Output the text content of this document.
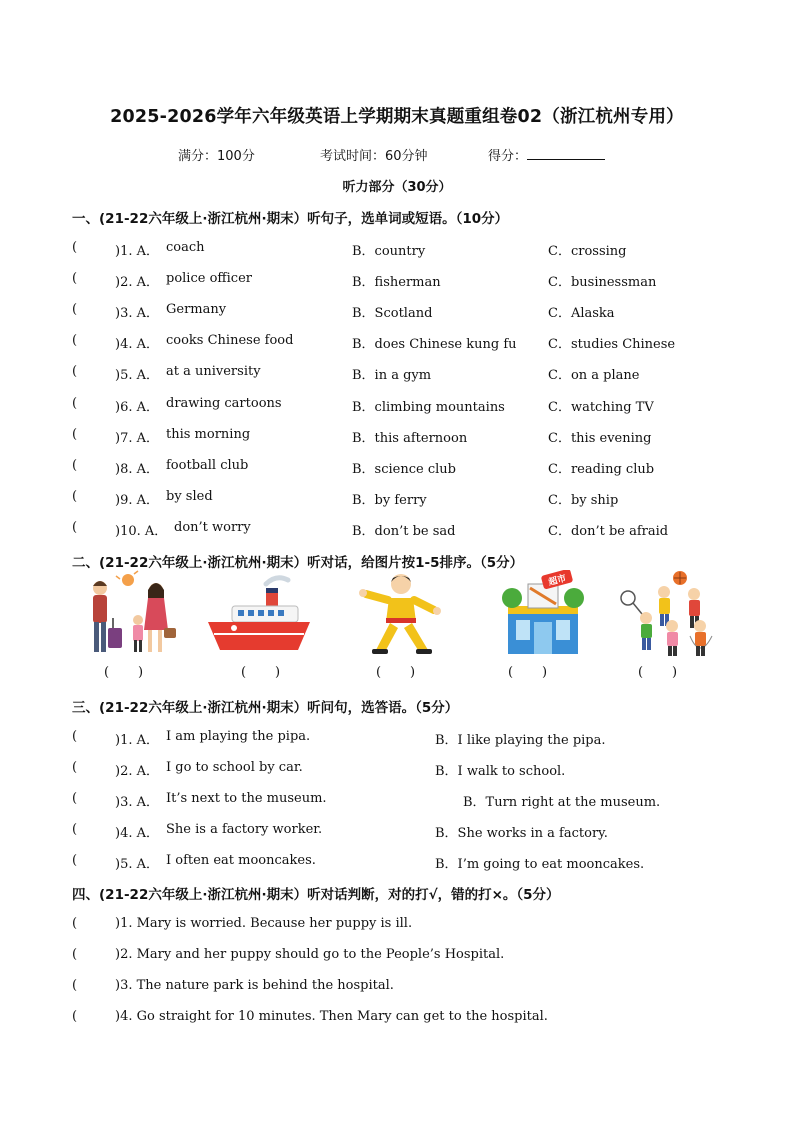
2025-2026学年六年级英语上学期期末真题重组卷02（浙江杭州专用）
满分：100分	考试时间：60分钟	得分：
听力部分（30分）
一、(21-22六年级上·浙江杭州·期末）听句子，选单词或短语。（10分）
(	)1. A． coach	B．country	C．crossing
(	)2. A． police officer	B．fisherman	C．businessman
(	)3. A． Germany	B．Scotland	C．Alaska
(	)4. A． cooks Chinese food	B．does Chinese kung fu C．studies Chinese
(	)5. A． at a university	B．in a gym	C．on a plane
(	)6. A． drawing cartoons	B．climbing mountains	C．watching TV
(	)7. A． this morning	B．this afternoon	C．this evening
(	)8. A． football club	B．science club	C．reading club
(	)9. A． by sled	B．by ferry	C．by ship
(	)10. A． don’t worry	B．don’t be sad	C．don’t be afraid
二、(21-22六年级上·浙江杭州·期末）听对话，给图片按1-5排序。（5分）
超市
(       )	(       )	(       )	(       )	(       )
三、(21-22六年级上·浙江杭州·期末）听问句，选答语。（5分）
(	)1. A． I am playing the pipa.	B．I like playing the pipa.
(	)2. A． I go to school by car.	B．I walk to school.
(	)3. A． It’s next to the museum.	B．Turn right at the museum.
(	)4. A． She is a factory worker.	B．She works in a factory.
(	)5. A． I often eat mooncakes.	B．I’m going to eat mooncakes.
四、(21-22六年级上·浙江杭州·期末）听对话判断，对的打√，错的打×。（5分）
(	)1. Mary is worried. Because her puppy is ill.
(	)2. Mary and her puppy should go to the People’s Hospital.
(	)3. The nature park is behind the hospital.
(	)4. Go straight for 10 minutes. Then Mary can get to the hospital.
